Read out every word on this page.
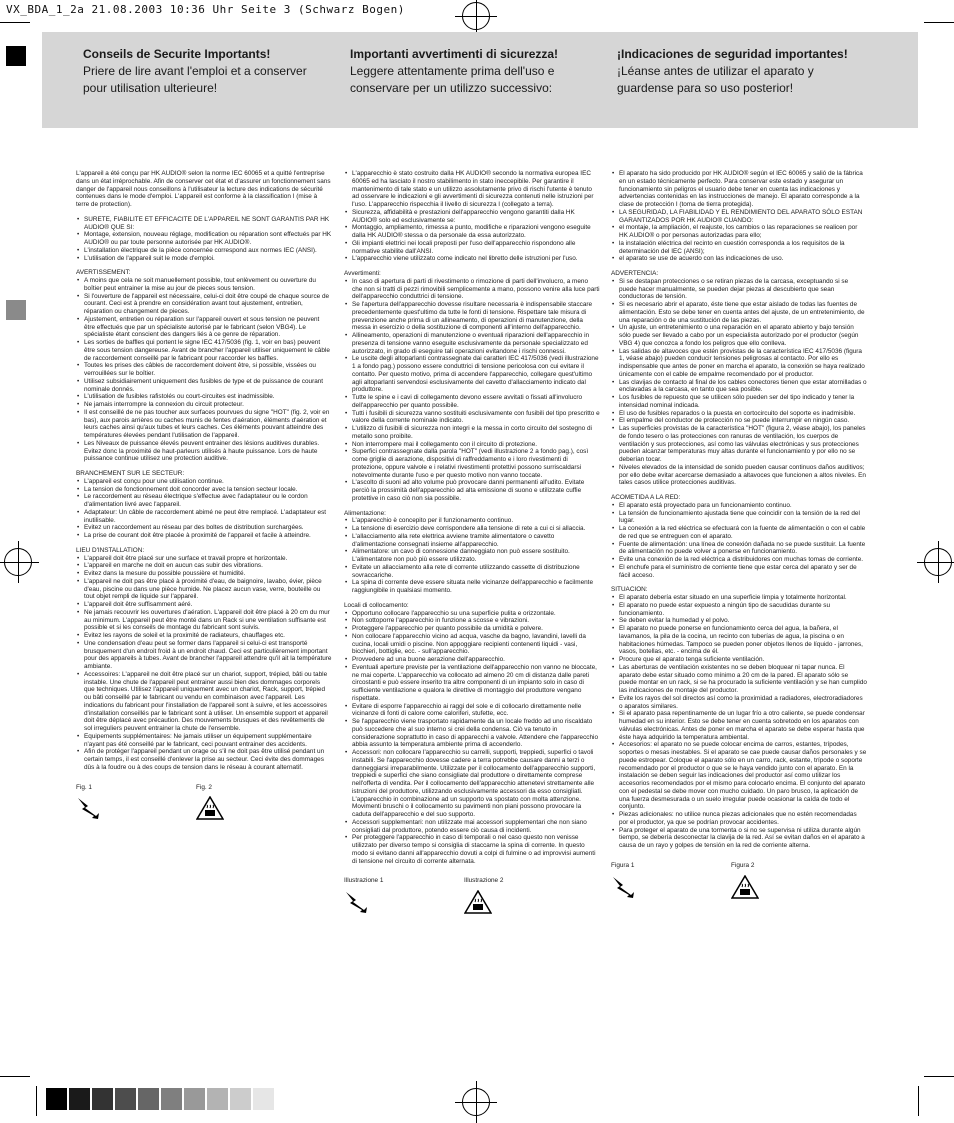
VX_BDA_1_2a 21.08.2003 10:36 Uhr Seite 3 (Schwarz Bogen)
Conseils de Securite Importants!
Priere de lire avant l'emploi et a conserver pour utilisation ulterieure!
Importanti avvertimenti di sicurezza!
Leggere attentamente prima dell'uso e conservare per un utilizzo successivo:
¡Indicaciones de seguridad importantes!
¡Léanse antes de utilizar el aparato y guardense para so uso posterior!

L'appareil a été conçu par HK AUDIO® selon la norme IEC 60065 et a quitté l'entreprise dans un état irréprochable. Afin de conserver cet état et d'assurer un fonctionnement sans danger de l'appareil nous conseillons à l'utilisateur la lecture des indications de sécurité contenues dans le mode d'emploi. L'appareil est conforme à la classification I (mise à terre de protection).

• SURETE, FIABILITE ET EFFICACITE DE L'APPAREIL NE SONT GARANTIS PAR HK AUDIO® QUE SI:
• Montage, extension, nouveau réglage, modification ou réparation sont effectués par HK AUDIO® ou par toute personne autorisée par HK AUDIO®.
• L'installation électrique de la pièce concernée correspond aux normes IEC (ANSI).
• L'utilisation de l'appareil suit le mode d'emploi.
AVERTISSEMENT:
• A moins que cela ne soit manuellement possible, tout enlèvement ou ouverture du boîtier peut entrainer la mise au jour de pieces sous tension.
• Si l'ouverture de l'appareil est nécessaire, celui-ci doit être coupé de chaque source de courant. Ceci est à prendre en considération avant tout ajustement, entretien, réparation ou changement de pieces.
• Ajustement, entretien ou réparation sur l'appareil ouvert et sous tension ne peuvent être effectués que par un spécialiste autorisé par le fabricant (selon VBG4). Le spécialiste étant conscient des dangers liés à ce genre de réparation.
• Les sorties de baffles qui portent le signe IEC 417/5036 (fig. 1, voir en bas) peuvent être sous tension dangereuse. Avant de brancher l'appareil utiliser uniquement le câble de raccordement conseillé par le fabricant pour raccorder les baffles.
• Toutes les prises des câbles de raccordement doivent être, si possible, vissées ou verrouillées sur le boîtier.
• Utilisez subsidiairement uniquement des fusibles de type et de puissance de courant nominale donnés.
• L'utilisation de fusibles rafistolés ou court-circuites est inadmissible.
• Ne jamais interrompre la connexion du circuit protecteur.
• Il est conseillé de ne pas toucher aux surfaces pourvues du signe "HOT" (fig. 2, voir en bas), aux parois arrières ou caches munis de fentes d'aération, éléments d'aération et leurs caches ainsi qu'aux tubes et leurs caches. Ces éléments pouvant atteindre des températures élevées pendant l'utilisation de l'appareil.
• Les Niveaux de puissance élevés peuvent entrainer des lésions auditives durables. Evitez donc la proximité de haut-parleurs utilisés à haute puissance. Lors de haute puissance continue utilisez une protection auditive.
BRANCHEMENT SUR LE SECTEUR:
• L'appareil est conçu pour une utilisation continue.
• La tension de fonctionnement doit concorder avec la tension secteur locale.
• Le raccordement au réseau électrique s'effectue avec l'adaptateur ou le cordon d'alimentation livré avec l'appareil.
• Adaptateur: Un câble de raccordement abimé ne peut être remplacé. L'adaptateur est inutilisable.
• Evitez un raccordement au réseau par des boltes de distribution surchargées.
• La prise de courant doit être placée à proximité de l'appareil et facile à atteindre.
LIEU D'INSTALLATION:
• L'appareil doit être placé sur une surface et travail propre et horizontale.
• L'appareil en marche ne doit en aucun cas subir des vibrations.
• Evitez dans la mesure du possible poussière et humidité.
• L'appareil ne doit pas être placé à proximité d'eau, de baignoire, lavabo, évier, pièce d'eau, piscine ou dans une pièce humide. Ne placez aucun vase, verre, bouteille ou tout objet rempli de liquide sur l'appareil.
• L'appareil doit être suffisamment aéré.
• Ne jamais recouvrir les ouvertures d'aération. L'appareil doit être placé à 20 cm du mur au minimum. L'appareil peut être monté dans un Rack si une ventilation suffisante est possible et si les conseils de montage du fabricant sont suivis.
• Evitez les rayons de soleil et la proximité de radiateurs, chauffages etc.
• Une condensation d'eau peut se former dans l'appareil si celui-ci est transporté brusquement d'un endroit froid à un endroit chaud. Ceci est particulièrement important pour des appareils à tubes. Avant de brancher l'appareil attendre qu'il ait la température ambiante.
• Accessoires: L'appareil ne doit être placé sur un chariot, support, trépied, bâti ou table instable. Une chute de l'appareil peut entrainer aussi bien des dommages corporels que techniques. Utilisez l'appareil uniquement avec un chariot, Rack, support, trépied ou bâti conseillé par le fabricant ou vendu en combinaison avec l'appareil. Les indications du fabricant pour l'installation de l'appareil sont à suivre, et les accessoires d'installation conseillés par le fabricant sont à utiliser. Un ensemble support et appareil doit être déplacé avec précaution. Des mouvements brusques et des revêtements de sol irreguliers peuvent entrainer la chute de l'ensemble.
• Equipements supplémentaires: Ne jamais utiliser un équipement supplémentaire n'ayant pas été conseillé par le fabricant, ceci pouvant entrainer des accidents.
• Afin de protéger l'appareil pendant un orage ou s'il ne doit pas être utilisé pendant un certain temps, il est conseillé d'enlever la prise au secteur. Ceci évite des dommages dûs à la foudre ou à des coups de tension dans le réseau à courant alternatif.
Fig. 1	Fig. 2
• L'apparecchio è stato costruito dalla HK AUDIO® secondo la normativa europea IEC 60065 ed ha lasciato il nostro stabilimento in stato ineccepibile. Per garantire il mantenimento di tale stato e un utilizzo assolutamente privo di rischi l'utente è tenuto ad osservare le indicazioni e gli avvertimenti di sicurezza contenuti nelle istruzioni per l'uso. L'apparecchio rispecchia il livello di sicurezza I (collegato a terra).
• Sicurezza, affidabilità e prestazioni dell'apparecchio vengono garantiti dalla HK AUDIO® solo ed esclusivamente se:
• Montaggio, ampliamento, rimessa a punto, modifiche e riparazioni vengono eseguite dalla HK AUDIO® stessa o da personale da essa autorizzato.
• Gli impianti elettrici nei locali preposti per l'uso dell'apparecchio rispondono alle normative stabilite dall'ANSI.
• L'apparecchio viene utilizzato come indicato nel libretto delle istruzioni per l'uso.
Avvertimenti:
• In caso di apertura di parti di rivestimento o rimozione di parti dell'involucro, a meno che non si tratti di pezzi rimovibili semplicemente a mano, possono venire alla luce parti dell'apparecchio conduttrici di tensione.
• Se l'apertura dell'apparecchio dovesse risultare necessaria è indispensabile staccare precedentemente quest'ultimo da tutte le fonti di tensione. Rispettare tale misura di prevenzione anche prima di un allineamento, di operazioni di manutenzione, della messa in esercizio o della sostituzione di componenti all'interno dell'apparecchio.
• Allineamento, operazioni di manutenzione o eventuali riparazioni dell'apparecchio in presenza di tensione vanno eseguite esclusivamente da personale specializzato ed autorizzato, in grado di eseguire tali operazioni evitandone i rischi connessi.
• Le uscite degli altoparlanti contrassegnate dai caratteri IEC 417/5036 (vedi illustrazione 1 a fondo pag.) possono essere conduttrici di tensione pericolosa con cui evitare il contatto. Per questo motivo, prima di accendere l'apparecchio, collegare quest'ultimo agli altoparlanti servendosi esclusivamente del cavetto d'allacciamento indicato dal produttore.
• Tutte le spine e i cavi di collegamento devono essere avvitati o fissati all'involucro dell'apparecchio per quanto possibile.
• Tutti i fusibili di sicurezza vanno sostituiti esclusivamente con fusibili del tipo prescritto e valore della corrente nominale indicato.
• L'utilizzo di fusibili di sicurezza non integri e la messa in corto circuito del sostegno di metallo sono proibite.
• Non interrompere mai il collegamento con il circuito di protezione.
• Superfici contrassegnate dalla parola "HOT" (vedi illustrazione 2 a fondo pag.), così come griglie di aerazione, dispositivi di raffreddamento e i loro rivestimenti di protezione, oppure valvole e i relativi rivestimenti protettivi possono surriscaldarsi notevolmente durante l'uso e per questo motivo non vanno toccate.
• L'ascolto di suoni ad alto volume può provocare danni permanenti all'udito. Evitate perciò la prossimità dell'apparecchio ad alta emissione di suono e utilizzate cuffie protettive in caso ciò non sia possibile.
Alimentazione:
• L'apparecchio è concepito per il funzionamento continuo.
• La tensione di esercizio deve corrispondere alla tensione di rete a cui ci si allaccia.
• L'allacciamento alla rete elettrica avviene tramite alimentatore o cavetto d'alimentazione consegnati insieme all'apparecchio.
• Alimentatore: un cavo di connessione danneggiato non può essere sostituito. L'alimentatore non può più essere utilizzato.
• Evitate un allacciamento alla rete di corrente utilizzando cassette di distribuzione sovraccariche.
• La spina di corrente deve essere situata nelle vicinanze dell'apparecchio e facilmente raggiungibile in qualsiasi momento.
Locali di collocamento:
• Opportuno collocare l'apparecchio su una superficie pulita e orizzontale.
• Non sottoporre l'apparecchio in funzione a scosse e vibrazioni.
• Proteggere l'apparecchio per quanto possibile da umidità e polvere.
• Non collocare l'apparecchio vicino ad acqua, vasche da bagno, lavandini, lavelli da cucina, locali umidi o piscine. Non appoggiare recipienti contenenti liquidi - vasi, bicchieri, bottiglie, ecc. - sull'apparecchio.
• Provvedere ad una buone aerazione dell'apparecchio.
• Eventuali aperture previste per la ventilazione dell'apparecchio non vanno ne bloccate, ne mai coperte. L'apparecchio va collocato ad almeno 20 cm di distanza dalle pareti circostanti e può essere inserito tra altre componenti di un impianto solo in caso di sufficiente ventilazione e qualora le direttive di montaggio del produttore vengano rispettate.
• Evitare di esporre l'apparecchio ai raggi del sole e di collocarlo direttamente nelle vicinanze di fonti di calore come caloriferi, stufette, ecc.
• Se l'apparecchio viene trasportato rapidamente da un locale freddo ad uno riscaldato può succedere che al suo interno si crei della condensa. Ciò va tenuto in considerazione soprattutto in caso di apparecchi a valvole. Attendere che l'apparecchio abbia assunto la temperatura ambiente prima di accenderlo.
• Accessori: non collocare l'apparecchio su carrelli, supporti, treppiedi, superfici o tavoli instabili. Se l'apparecchio dovesse cadere a terra potrebbe causare danni a terzi o danneggiarsi irreparabilmente. Utilizzate per il collocamento dell'apparecchio supporti, treppiedi e superfici che siano consigliate dal produttore o direttamente comprese nell'offerta di vendita. Per il collocamento dell'apparecchio attenetevi strettamente alle istruzioni del produttore, utilizzando esclusivamente accessori da esso consigliati. L'apparecchio in combinazione ad un supporto va spostato con molta attenzione. Movimenti bruschi o il collocamento su pavimenti non piani possono provocare la caduta dell'apparecchio e del suo supporto.
• Accessori supplementari: non utilizzate mai accessori supplementari che non siano consigliati dal produttore, potendo essere ciò causa di incidenti.
• Per proteggere l'apparecchio in caso di temporali o nel caso questo non venisse utilizzato per diverso tempo si consiglia di staccarne la spina di corrente. In questo modo si evitano danni all'apparecchio dovuti a colpi di fulmine o ad improvvisi aumenti di tensione nel circuito di corrente alternata.
Illustrazione 1	Illustrazione 2
• El aparato ha sido producido por HK AUDIO® según el IEC 60065 y salió de la fábrica en un estado técnicamente perfecto. Para conservar este estado y asegurar un funcionamiento sin peligros el usuario debe tener en cuenta las indicaciones y advertencias contenidas en las instrucciones de manejo. El aparato corresponde a la clase de protección I (toma de tierra protegida).
• LA SEGURIDAD, LA FIABILIDAD Y EL RENDIMIENTO DEL APARATO SÓLO ESTAN GARANTIZADOS POR HK AUDIO® CUANDO:
• el montaje, la ampliación, el reajuste, los cambios o las reparaciones se realicen por HK AUDIO® o por personas autorizadas para ello;
• la instalación eléctrica del recinto en cuestión corresponda a los requisitos de la determinación del IEC (ANSI);
• el aparato se use de acuerdo con las indicaciones de uso.
ADVERTENCIA:
• Si se destapan protecciones o se retiran piezas de la carcasa, exceptuando si se puede hacer manualmente, se pueden dejar piezas al descubierto que sean conductoras de tensión.
• Si es necesario abrir el aparato, éste tiene que estar aislado de todas las fuentes de alimentación. Esto se debe tener en cuenta antes del ajuste, de un entretenimiento, de una reparación o de una sustitución de las piezas.
• Un ajuste, un entretenimiento o una reparación en el aparato abierto y bajo tensión sólo puede ser llevado a cabo por un especialista autorizado por el productor (según VBG 4) que conozca a fondo los peligros que ello conlleva.
• Las salidas de altavoces que estén provistas de la característica IEC 417/5036 (figura 1, véase abajo) pueden conducir tensiones peligrosas al contacto. Por ello es indispensable que antes de poner en marcha el aparato, la conexión se haya realizado únicamente con el cable de empalme recomendado por el productor.
• Las clavijas de contacto al final de los cables conectores tienen que estar atornilladas o enclavadas a la carcasa, en tanto que sea posible.
• Los fusibles de repuesto que se utilicen sólo pueden ser del tipo indicado y tener la intensidad nominal indicada.
• El uso de fusibles reparados o la puesta en cortocircuito del soporte es inadmisible.
• El empalme del conductor de protección no se puede interrumpir en ningún caso.
• Las superficies provistas de la característica "HOT" (figura 2, véase abajo), los paneles de fondo tesero o las protecciones con ranuras de ventilación, los cuerpos de ventilación y sus protecciones, así como las válvulas electrónicas y sus protecciones pueden alcanzar temperaturas muy altas durante el funcionamiento y por ello no se deberían tocar.
• Niveles elevados de la intensidad de sonido pueden causar continuos daños auditivos; por ello debe evitar acercarse demasiado a altavoces que funcionen a altos niveles. En tales casos utilice protecciones auditivas.
ACOMETIDA A LA RED:
• El aparato está proyectado para un funcionamiento continuo.
• La tensión de funcionamiento ajustada tiene que coincidir con la tensión de la red del lugar.
• La conexión a la red eléctrica se efectuará con la fuente de alimentación o con el cable de red que se entreguen con el aparato.
• Fuente de alimentación: una línea de conexión dañada no se puede sustituir. La fuente de alimentación no puede volver a ponerse en funcionamiento.
• Evite una conexión de la red eléctrica a distribuidores con muchas tomas de corriente.
• El enchufe para el suministro de corriente tiene que estar cerca del aparato y ser de fácil acceso.
SITUACION:
• El aparato debería estar situado en una superficie limpia y totalmente horizontal.
• El aparato no puede estar expuesto a ningún tipo de sacudidas durante su funcionamiento.
• Se deben evitar la humedad y el polvo.
• El aparato no puede ponerse en funcionamiento cerca del agua, la bañera, el lavamanos, la pila de la cocina, un recinto con tuberías de agua, la piscina o en habitaciones húmedas. Tampoco se pueden poner objetos llenos de líquido - jarrones, vasos, botellas, etc. - encima de él.
• Procure que el aparato tenga suficiente ventilación.
• Las aberturas de ventilación existentes no se deben bloquear ni tapar nunca. El aparato debe estar situado como mínimo a 20 cm de la pared. El aparato sólo se puede montar en un rack, si se ha procurado la suficiente ventilación y se han cumplido las indicaciones de montaje del productor.
• Evite los rayos del sol directos así como la proximidad a radiadores, electroradiadores o aparatos similares.
• Si el aparato pasa repentinamente de un lugar frío a otro caliente, se puede condensar humedad en su interior. Esto se debe tener en cuenta sobretodo en los aparatos con válvulas electrónicas. Antes de poner en marcha el aparato se debe esperar hasta que éste haya adquirido la temperatura ambiental.
• Accesorios: el aparato no se puede colocar encima de carros, estantes, trípodes, soportes o mesas inestables. Si el aparato se cae puede causar daños personales y se puede estropear. Coloque el aparato sólo en un carro, rack, estante, trípode o soporte recomendado por el productor o que se le haya vendido junto con el aparato. En la instalación se deben seguir las indicaciones del productor así como utilizar los accesorios recomendados por el mismo para colocarlo encima. El conjunto del aparato con el pedestal se debe mover con mucho cuidado. Un paro brusco, la aplicación de una fuerza desmesurada o un suelo irregular puede ocasionar la caída de todo el conjunto.
• Piezas adicionales: no utilice nunca piezas adicionales que no estén recomendadas por el productor, ya que se podrían provocar accidentes.
• Para proteger el aparato de una tormenta o si no se supervisa ni utiliza durante algún tiempo, se debería desconectar la clavija de la red. Así se evitan daños en el aparato a causa de un rayo y golpes de tensión en la red de corriente alterna.
Figura 1	Figura 2
